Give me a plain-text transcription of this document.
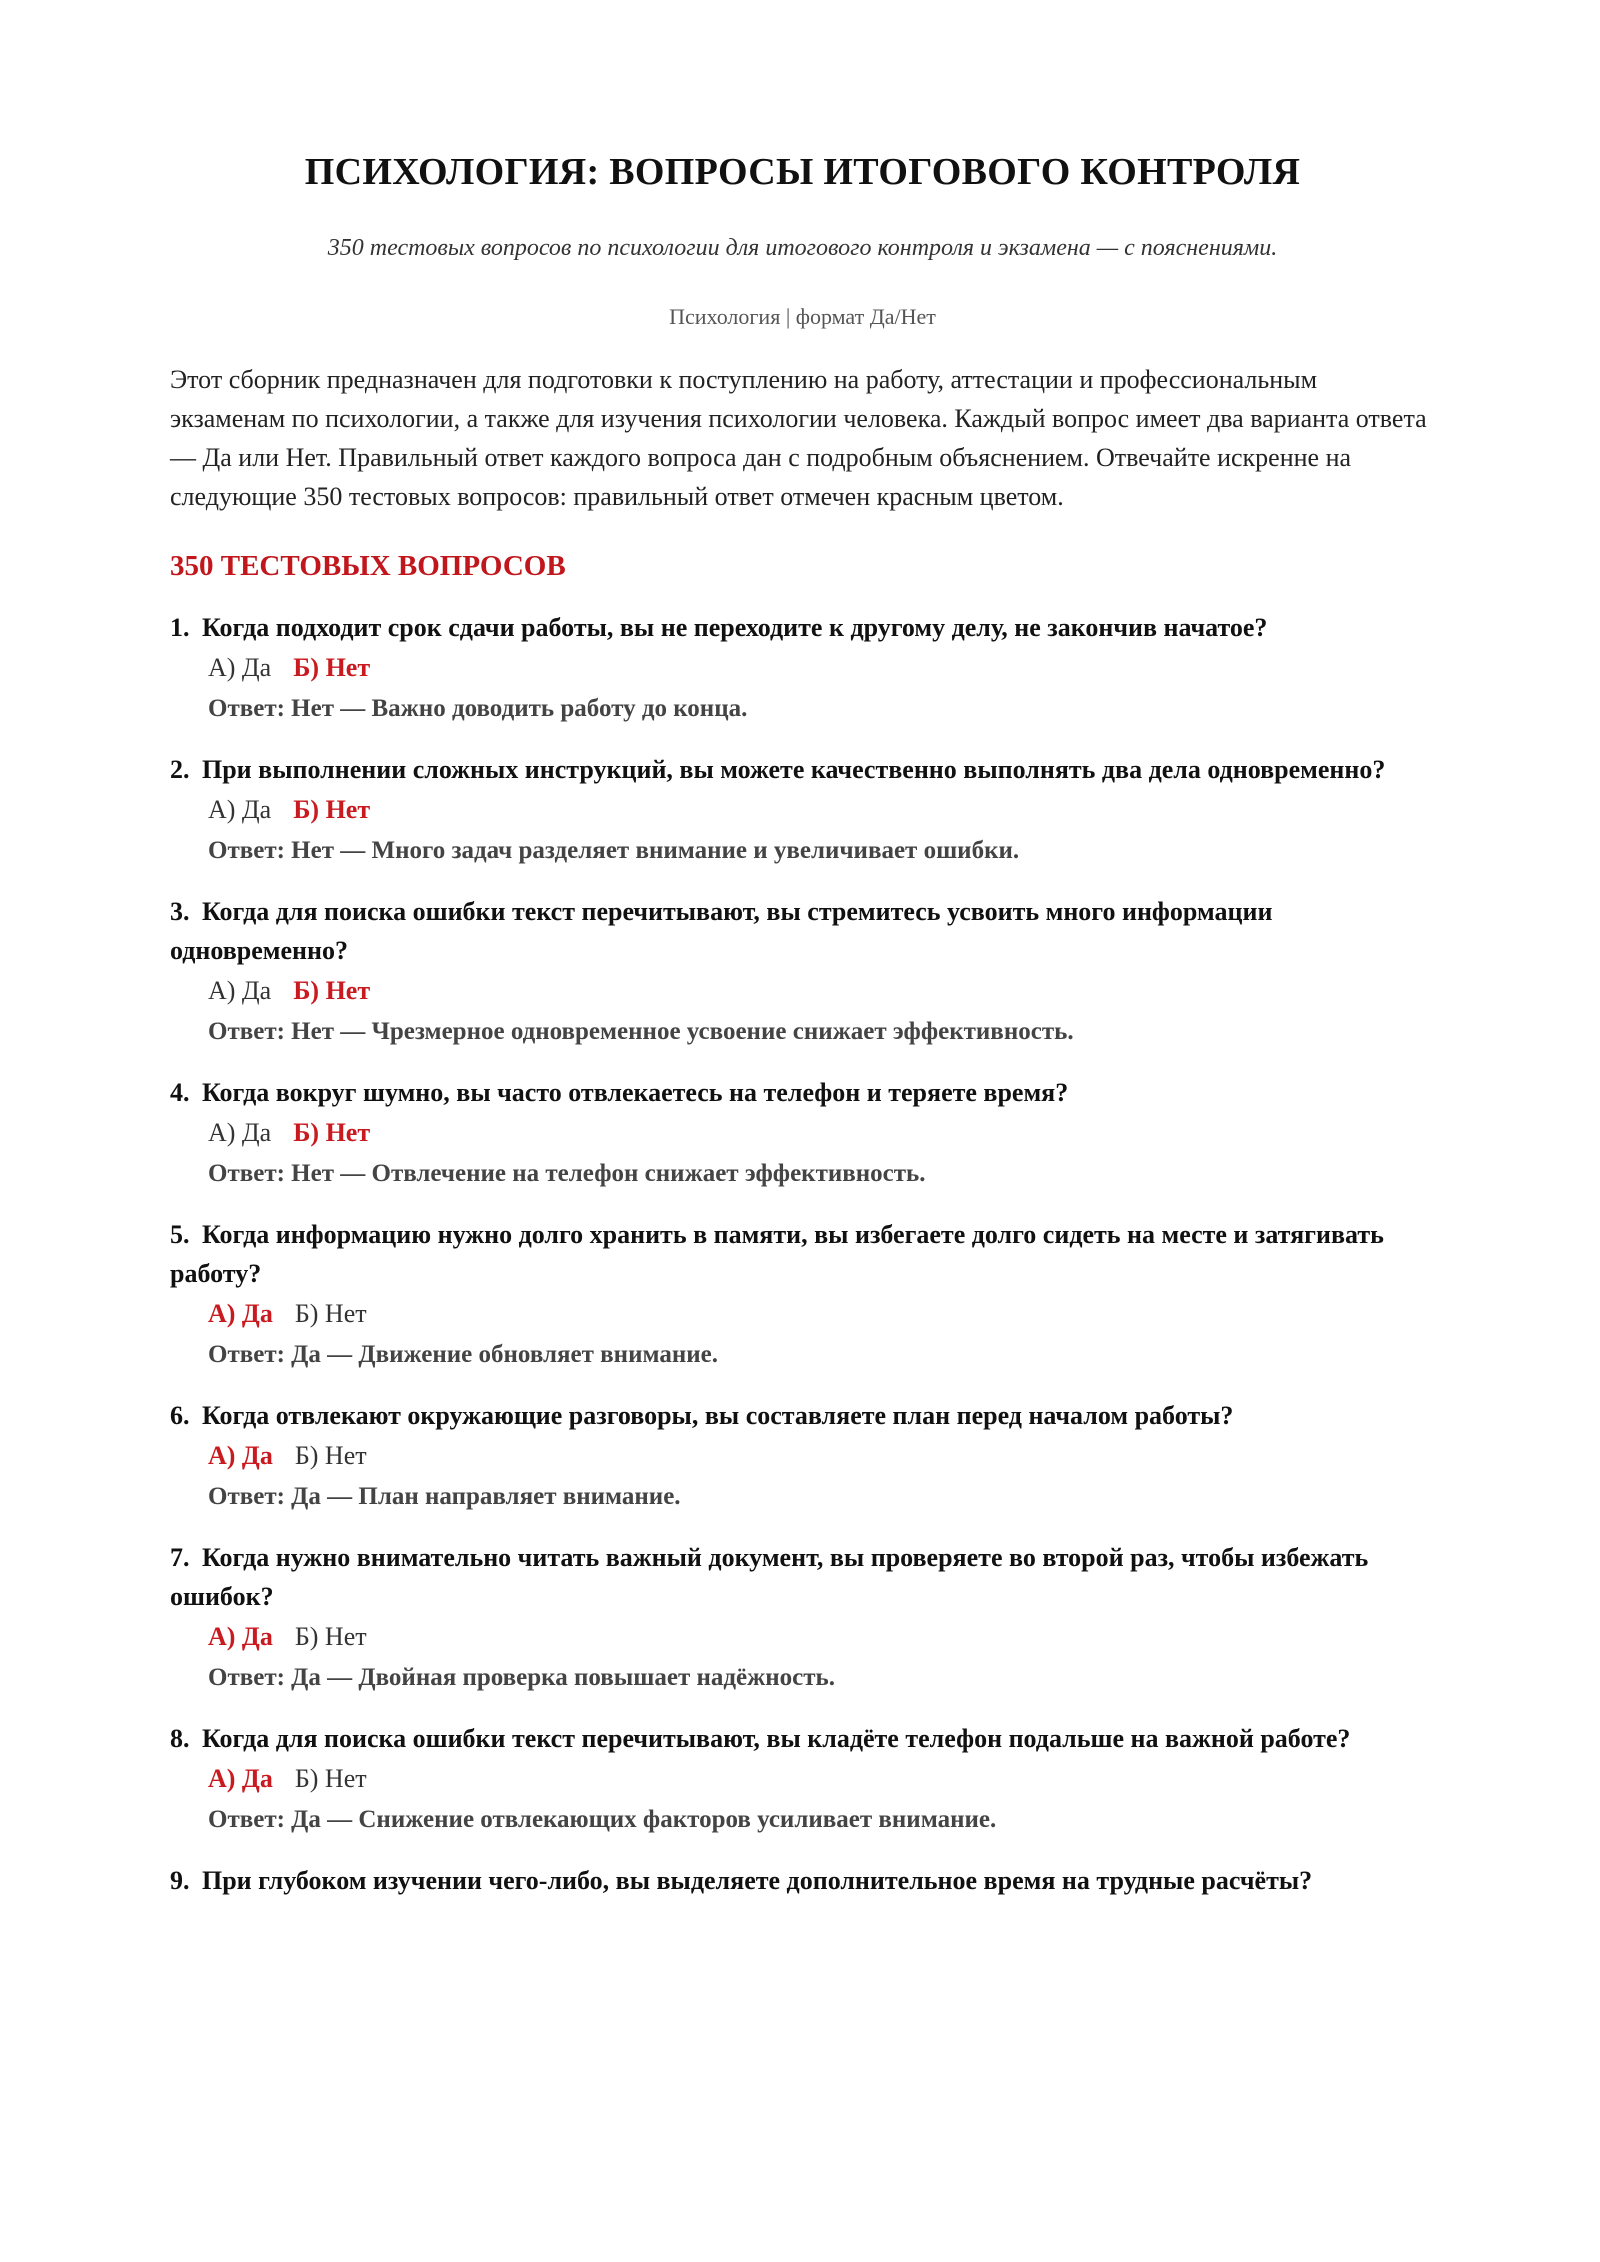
ПСИХОЛОГИЯ: ВОПРОСЫ ИТОГОВОГО КОНТРОЛЯ
350 тестовых вопросов по психологии для итогового контроля и экзамена — с пояснениями.
Психология | формат Да/Нет

Этот сборник предназначен для подготовки к поступлению на работу, аттестации и профессиональным экзаменам по психологии, а также для изучения психологии человека. Каждый вопрос имеет два варианта ответа — Да или Нет. Правильный ответ каждого вопроса дан с подробным объяснением. Отвечайте искренне на следующие 350 тестовых вопросов: правильный ответ отмечен красным цветом.

350 ТЕСТОВЫХ ВОПРОСОВ

1. Когда подходит срок сдачи работы, вы не переходите к другому делу, не закончив начатое?

А) Да Б) Нет
Ответ: Нет — Важно доводить работу до конца.

2. При выполнении сложных инструкций, вы можете качественно выполнять два дела одновременно?

А) Да Б) Нет
Ответ: Нет — Много задач разделяет внимание и увеличивает ошибки.

3. Когда для поиска ошибки текст перечитывают, вы стремитесь усвоить много информации одновременно?

А) Да Б) Нет
Ответ: Нет — Чрезмерное одновременное усвоение снижает эффективность.

4. Когда вокруг шумно, вы часто отвлекаетесь на телефон и теряете время?

А) Да Б) Нет
Ответ: Нет — Отвлечение на телефон снижает эффективность.

5. Когда информацию нужно долго хранить в памяти, вы избегаете долго сидеть на месте и затягивать работу?

А) Да Б) Нет
Ответ: Да — Движение обновляет внимание.

6. Когда отвлекают окружающие разговоры, вы составляете план перед началом работы?

А) Да Б) Нет
Ответ: Да — План направляет внимание.

7. Когда нужно внимательно читать важный документ, вы проверяете во второй раз, чтобы избежать ошибок?

А) Да Б) Нет
Ответ: Да — Двойная проверка повышает надёжность.

8. Когда для поиска ошибки текст перечитывают, вы кладёте телефон подальше на важной работе?

А) Да Б) Нет
Ответ: Да — Снижение отвлекающих факторов усиливает внимание.

9. При глубоком изучении чего-либо, вы выделяете дополнительное время на трудные расчёты?
